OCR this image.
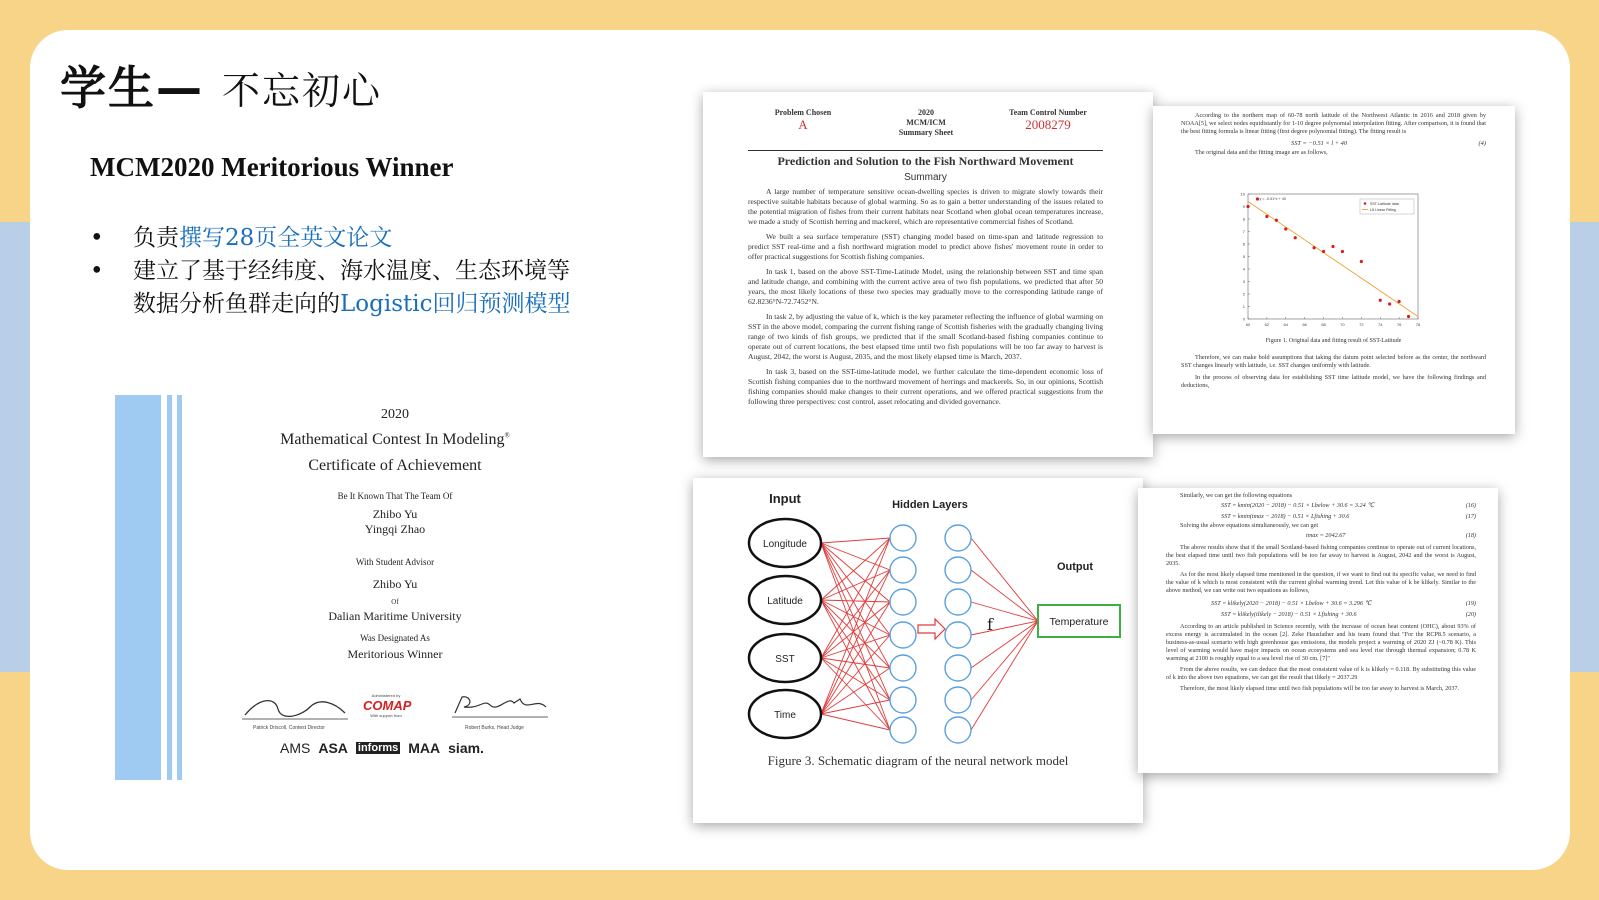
学生— 不忘初心
MCM2020 Meritorious Winner
• 负责撰写28页全英文论文
• 建立了基于经纬度、海水温度、生态环境等
数据分析鱼群走向的Logistic回归预测模型
2020
Mathematical Contest In Modeling®
Certificate of Achievement
Be It Known That The Team Of
Zhibo Yu
Yingqi Zhao
With Student Advisor
Zhibo Yu
Of
Dalian Maritime University
Was Designated As
Meritorious Winner
Patrick Driscoll, Contest Director
Administered by
COMAP
With support from
Robert Burks, Head Judge
AMS ASA informs MAA siam.
Problem Chosen
A
2020
MCM/ICM
Summary Sheet
Team Control Number
2008279
Prediction and Solution to the Fish Northward Movement
Summary

A large number of temperature sensitive ocean-dwelling species is driven to migrate slowly towards their respective suitable habitats because of global warming. So as to gain a better understanding of the issues related to the potential migration of fishes from their current habitats near Scotland when global ocean temperatures increase, we made a study of Scottish herring and mackerel, which are representative commercial fishes of Scotland.

We built a sea surface temperature (SST) changing model based on time-span and latitude regression to predict SST real-time and a fish northward migration model to predict above fishes' movement route in order to offer practical suggestions for Scottish fishing companies.

In task 1, based on the above SST-Time-Latitude Model, using the relationship between SST and time span and latitude change, and combining with the current active area of two fish populations, we predicted that after 50 years, the most likely locations of these two species may gradually move to the corresponding latitude range of 62.8236°N-72.7452°N.

In task 2, by adjusting the value of k, which is the key parameter reflecting the influence of global warming on SST in the above model, comparing the current fishing range of Scottish fisheries with the gradually changing living range of two kinds of fish groups, we predicted that if the small Scotland-based fishing companies continue to operate out of current locations, the best elapsed time until two fish populations will be too far away to harvest is August, 2042, the worst is August, 2035, and the most likely elapsed time is March, 2037.

In task 3, based on the SST-time-latitude model, we further calculate the time-dependent economic loss of Scottish fishing companies due to the northward movement of herrings and mackerels. So, in our opinions, Scottish fishing companies should make changes to their current operations, and we offered practical suggestions from the following three perspectives: cost control, asset relocating and divided governance.

According to the northern map of 60-78 north latitude of the Northwest Atlantic in 2016 and 2018 given by NOAA[5], we select nodes equidistantly for 1-10 degree polynomial interpolation fitting. After comparison, it is found that the best fitting formula is linear fitting (first degree polynomial fitting). The fitting result is

SST = −0.51 × l + 40	(4)

The original data and the fitting image are as follows,

60	62	64	66	68	70	72	74	76	78
0
1
2
3
4
5
6
7
8
9
10
y = -0.51*x + 40
SST-Latitude data
L8 Linear Fitting
Figure 1. Original data and fitting result of SST-Latitude

Therefore, we can make bold assumptions that taking the datum point selected before as the center, the northward SST changes linearly with latitude, i.e. SST changes uniformly with latitude.

In the process of observing data for establishing SST time latitude model, we have the following findings and deductions,

Input	Hidden Layers
Output
Longitude
Latitude
SST
Time
f	Temperature
Figure 3. Schematic diagram of the neural network model

Similarly, we can get the following equations

SST = kmin(2020 − 2018) − 0.51 × Lbelow + 30.6 = 3.24 ℃	(16)
SST = kmin(tmax − 2018) − 0.51 × Lfishing + 30.6	(17)

Solving the above equations simultaneously, we can get

tmax = 2042.67	(18)

The above results show that if the small Scotland-based fishing companies continue to operate out of current locations, the best elapsed time until two fish populations will be too far away to harvest is August, 2042 and the worst is August, 2035.

As for the most likely elapsed time mentioned in the question, if we want to find out its specific value, we need to find the value of k which is most consistent with the current global warming trend. Let this value of k be klikely. Similar to the above method, we can write out two equations as follows,

SST = klikely(2020 − 2018) − 0.51 × Lbelow + 30.6 = 3.296 ℃	(19)
SST = klikely(tlikely − 2018) − 0.51 × Lfishing + 30.6	(20)

According to an article published in Science recently, with the increase of ocean heat content (OHC), about 93% of excess energy is accumulated in the ocean [2]. Zeke Hausfather and his team found that "For the RCP8.5 scenario, a business-as-usual scenario with high greenhouse gas emissions, the models project a warming of 2020 ZJ (~0.78 K). This level of warming would have major impacts on ocean ecosystems and sea level rise through thermal expansion; 0.78 K warming at 2100 is roughly equal to a sea level rise of 30 cm. [7]"

From the above results, we can deduce that the most consistent value of k is klikely = 0.118. By substituting this value of k into the above two equations, we can get the result that tlikely = 2037.29

Therefore, the most likely elapsed time until two fish populations will be too far away to harvest is March, 2037.
